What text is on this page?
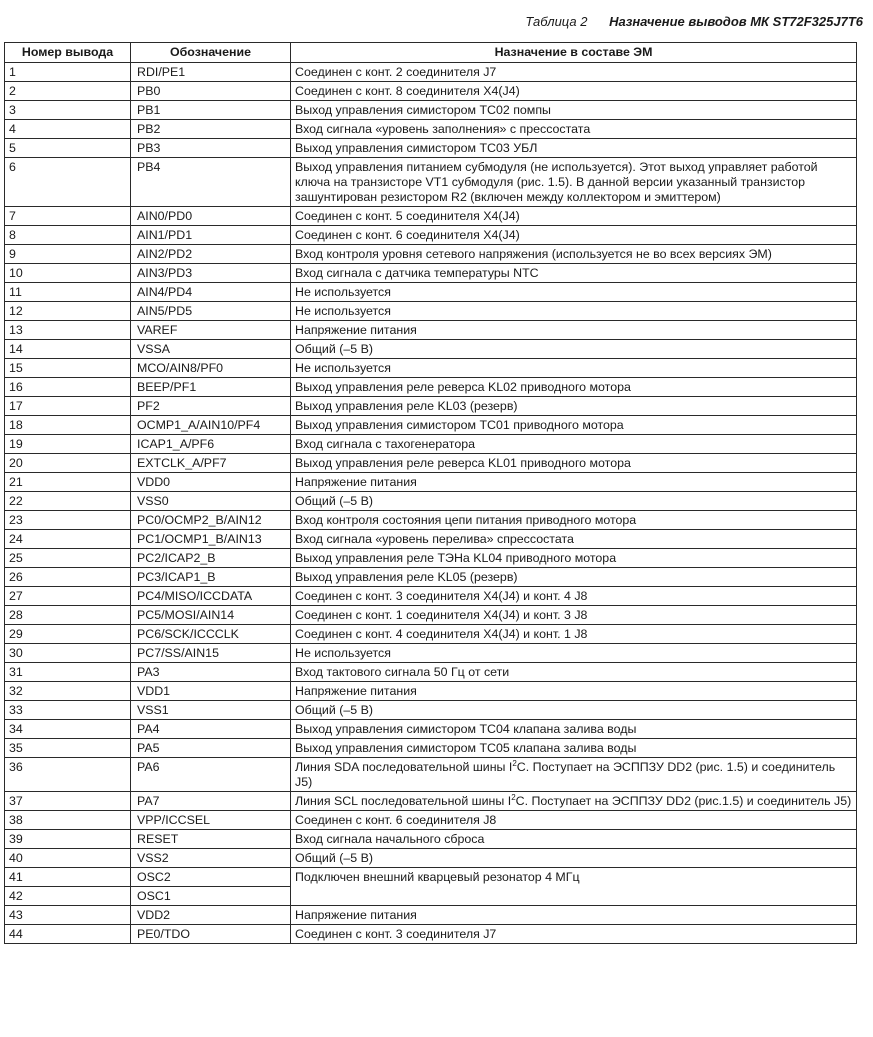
Таблица 2 Назначение выводов МК ST72F325J7T6
Номер вывода	Обозначение	Назначение в составе ЭМ
1	RDI/PE1	Соединен с конт. 2 соединителя J7
2	PB0	Соединен с конт. 8 соединителя X4(J4)
3	PB1	Выход управления симистором TC02 помпы
4	PB2	Вход сигнала «уровень заполнения» с прессостата
5	PB3	Выход управления симистором TC03 УБЛ
6	PB4	Выход управления питанием субмодуля (не используется). Этот выход управляет работой ключа на транзисторе VT1 субмодуля (рис. 1.5). В данной версии указанный транзистор зашунтирован резистором R2 (включен между коллектором и эмиттером)
7	AIN0/PD0	Соединен с конт. 5 соединителя X4(J4)
8	AIN1/PD1	Соединен с конт. 6 соединителя X4(J4)
9	AIN2/PD2	Вход контроля уровня сетевого напряжения (используется не во всех версиях ЭМ)
10	AIN3/PD3	Вход сигнала с датчика температуры NTC
11	AIN4/PD4	Не используется
12	AIN5/PD5	Не используется
13	VAREF	Напряжение питания
14	VSSA	Общий (–5 В)
15	MCO/AIN8/PF0	Не используется
16	BEEP/PF1	Выход управления реле реверса KL02 приводного мотора
17	PF2	Выход управления реле KL03 (резерв)
18	OCMP1_A/AIN10/PF4	Выход управления симистором TC01 приводного мотора
19	ICAP1_A/PF6	Вход сигнала с тахогенератора
20	EXTCLK_A/PF7	Выход управления реле реверса KL01 приводного мотора
21	VDD0	Напряжение питания
22	VSS0	Общий (–5 В)
23	PC0/OCMP2_B/AIN12	Вход контроля состояния цепи питания приводного мотора
24	PC1/OCMP1_B/AIN13	Вход сигнала «уровень перелива» спрессостата
25	PC2/ICAP2_B	Выход управления реле ТЭНа KL04 приводного мотора
26	PC3/ICAP1_B	Выход управления реле KL05 (резерв)
27	PC4/MISO/ICCDATA	Соединен с конт. 3 соединителя X4(J4) и конт. 4 J8
28	PC5/MOSI/AIN14	Соединен с конт. 1 соединителя X4(J4) и конт. 3 J8
29	PC6/SCK/ICCCLK	Соединен с конт. 4 соединителя X4(J4) и конт. 1 J8
30	PC7/SS/AIN15	Не используется
31	PA3	Вход тактового сигнала 50 Гц от сети
32	VDD1	Напряжение питания
33	VSS1	Общий (–5 В)
34	PA4	Выход управления симистором TC04 клапана залива воды
35	PA5	Выход управления симистором TC05 клапана залива воды
36	PA6	Линия SDA последовательной шины $I^2C$. Поступает на ЭСППЗУ DD2 (рис. 1.5) и соединитель J5)
37	PA7	Линия SCL последовательной шины $I^2C$. Поступает на ЭСППЗУ DD2 (рис.1.5) и соединитель J5)
38	VPP/ICCSEL	Соединен с конт. 6 соединителя J8
39	RESET	Вход сигнала начального сброса
40	VSS2	Общий (–5 В)
41	OSC2	Подключен внешний кварцевый резонатор 4 МГц
42	OSC1	
43	VDD2	Напряжение питания
44	PE0/TDO	Соединен с конт. 3 соединителя J7
